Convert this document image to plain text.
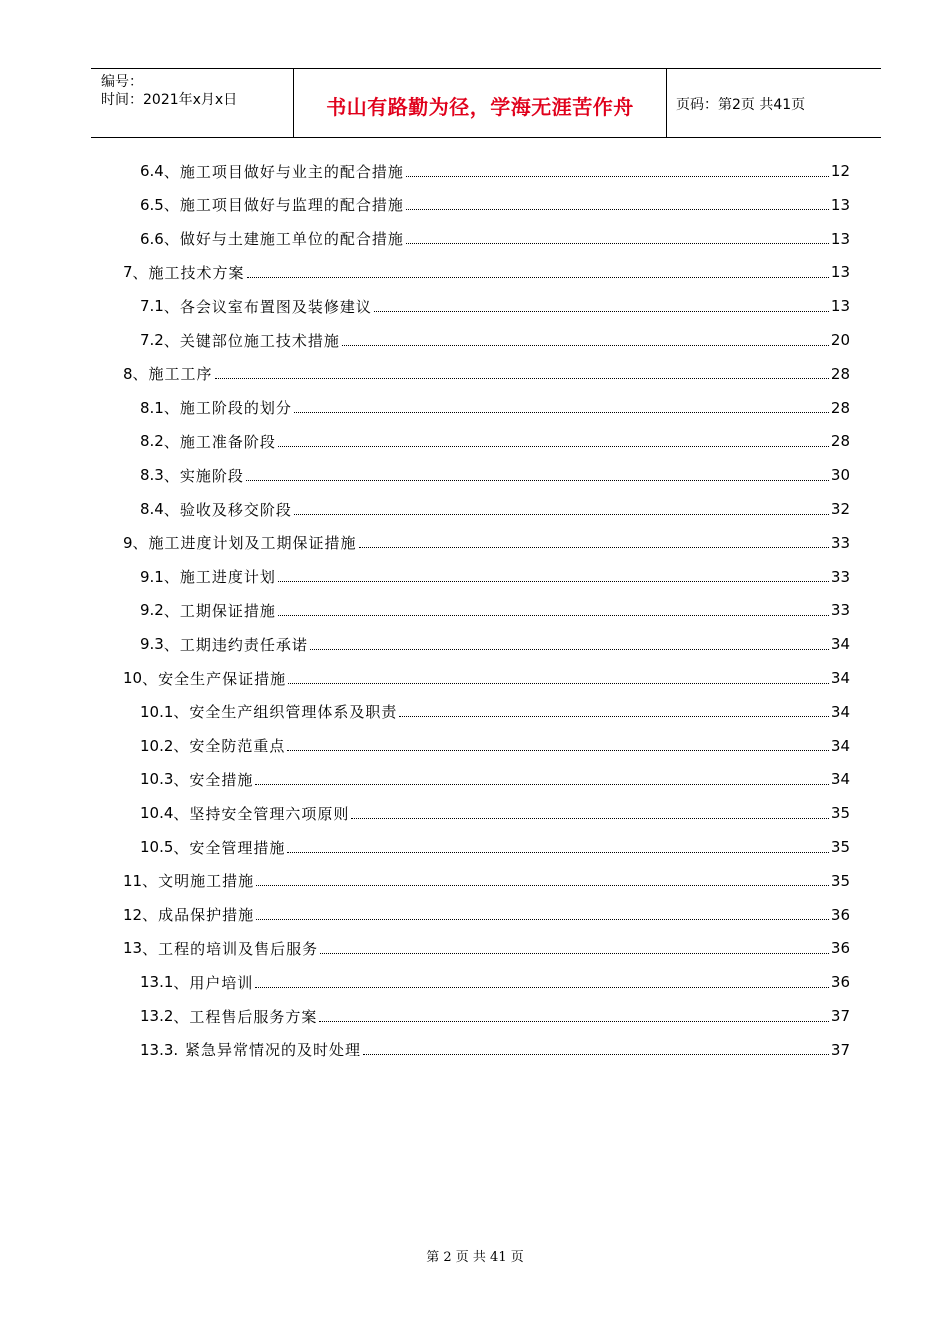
编号：
时间：2021年x月x日	书山有路勤为径，学海无涯苦作舟	页码：第2页 共41页
6.4 、施工项目做好与业主的配合措施	12
6.5 、施工项目做好与监理的配合措施	13
6.6 、做好与土建施工单位的配合措施	13
7 、施工技术方案	13
7.1 、各会议室布置图及装修建议	13
7.2 、关键部位施工技术措施	20
8 、施工工序	28
8.1 、施工阶段的划分	28
8.2 、施工准备阶段	28
8.3 、实施阶段	30
8.4 、验收及移交阶段	32
9 、施工进度计划及工期保证措施	33
9.1 、施工进度计划	33
9.2 、工期保证措施	33
9.3 、工期违约责任承诺	34
10 、安全生产保证措施	34
10.1 、安全生产组织管理体系及职责	34
10.2 、安全防范重点	34
10.3 、安全措施	34
10.4 、坚持安全管理六项原则	35
10.5 、安全管理措施	35
11 、文明施工措施	35
12 、成品保护措施	36
13 、工程的培训及售后服务	36
13.1 、用户培训	36
13.2 、工程售后服务方案	37
13.3 . 紧急异常情况的及时处理	37
第 2 页 共 41 页
